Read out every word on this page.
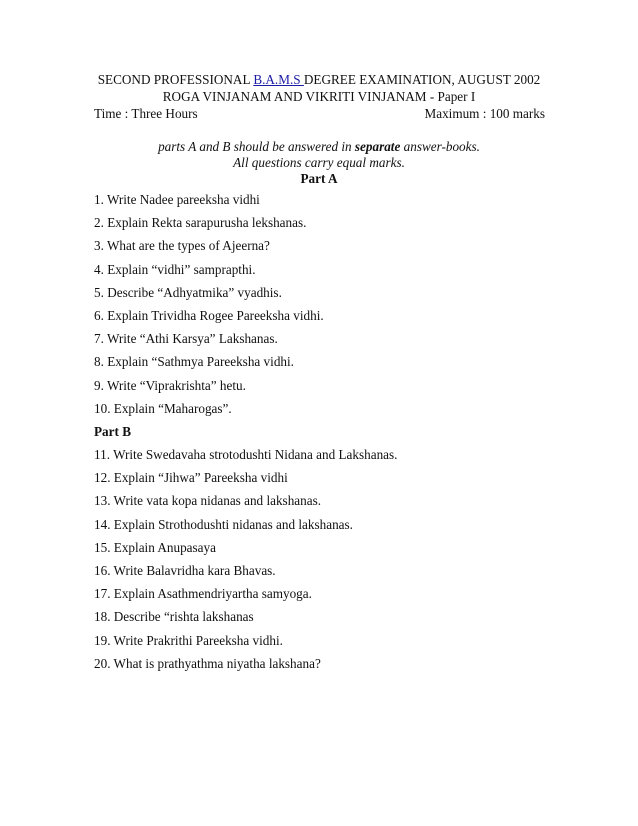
SECOND PROFESSIONAL B.A.M.S DEGREE EXAMINATION, AUGUST 2002
ROGA VINJANAM AND VIKRITI VINJANAM - Paper I
Time : Three Hours	Maximum : 100 marks
parts A and B should be answered in separate answer-books.
All questions carry equal marks.
Part A
1. Write Nadee pareeksha vidhi
2. Explain Rekta sarapurusha lekshanas.
3. What are the types of Ajeerna?
4. Explain “vidhi” samprapthi.
5. Describe “Adhyatmika” vyadhis.
6. Explain Trividha Rogee Pareeksha vidhi.
7. Write “Athi Karsya” Lakshanas.
8. Explain “Sathmya Pareeksha vidhi.
9. Write “Viprakrishta” hetu.
10. Explain “Maharogas”.
Part B
11. Write Swedavaha strotodushti Nidana and Lakshanas.
12. Explain “Jihwa” Pareeksha vidhi
13. Write vata kopa nidanas and lakshanas.
14. Explain Strothodushti nidanas and lakshanas.
15. Explain Anupasaya
16. Write Balavridha kara Bhavas.
17. Explain Asathmendriyartha samyoga.
18. Describe “rishta lakshanas
19. Write Prakrithi Pareeksha vidhi.
20. What is prathyathma niyatha lakshana?
